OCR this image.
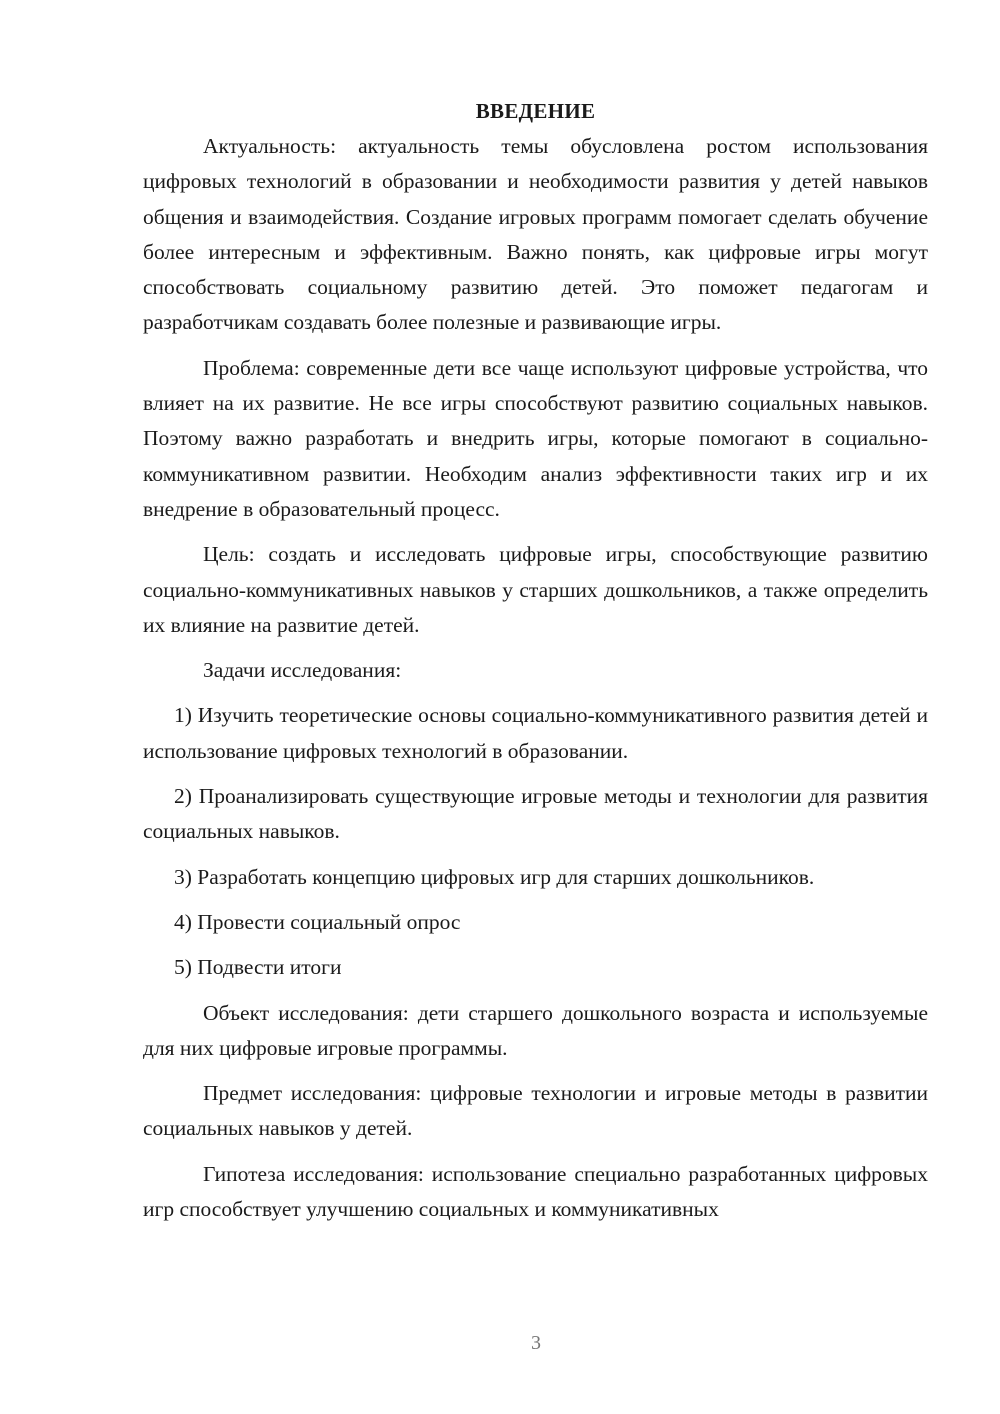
ВВЕДЕНИЕ

Актуальность: актуальность темы обусловлена ростом использования цифровых технологий в образовании и необходимости развития у детей навыков общения и взаимодействия. Создание игровых программ помогает сделать обучение более интересным и эффективным. Важно понять, как цифровые игры могут способствовать социальному развитию детей. Это поможет педагогам и разработчикам создавать более полезные и развивающие игры.

Проблема: современные дети все чаще используют цифровые устройства, что влияет на их развитие. Не все игры способствуют развитию социальных навыков. Поэтому важно разработать и внедрить игры, которые помогают в социально-коммуникативном развитии. Необходим анализ эффективности таких игр и их внедрение в образовательный процесс.

Цель: создать и исследовать цифровые игры, способствующие развитию социально-коммуникативных навыков у старших дошкольников, а также определить их влияние на развитие детей.

Задачи исследования:

1) Изучить теоретические основы социально-коммуникативного развития детей и использование цифровых технологий в образовании.

2) Проанализировать существующие игровые методы и технологии для развития социальных навыков.

3) Разработать концепцию цифровых игр для старших дошкольников.

4) Провести социальный опрос

5) Подвести итоги

Объект исследования: дети старшего дошкольного возраста и используемые для них цифровые игровые программы.

Предмет исследования: цифровые технологии и игровые методы в развитии социальных навыков у детей.

Гипотеза исследования: использование специально разработанных цифровых игр способствует улучшению социальных и коммуникативных

3
